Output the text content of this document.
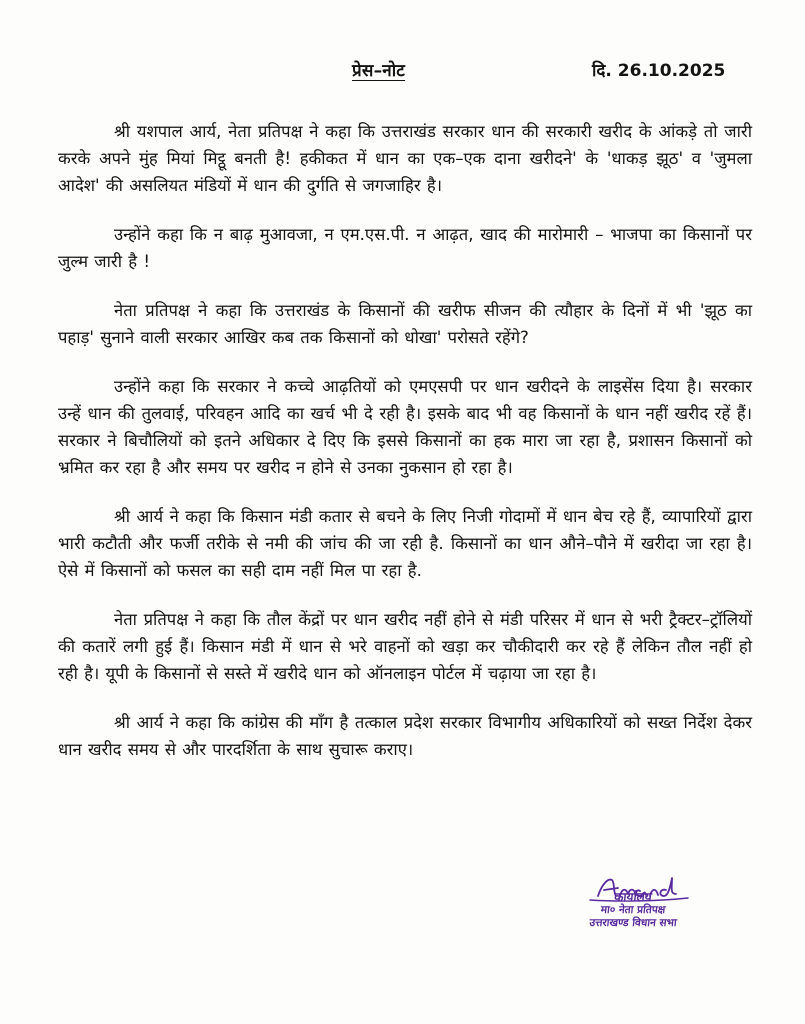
प्रेस–नोट	दि. 26.10.2025

श्री यशपाल आर्य, नेता प्रतिपक्ष ने कहा कि उत्तराखंड सरकार धान की सरकारी खरीद के आंकड़े तो जारी करके अपने मुंह मियां मिट्ठू बनती है! हकीकत में धान का एक–एक दाना खरीदने' के 'धाकड़ झूठ' व 'जुमला आदेश' की असलियत मंडियों में धान की दुर्गति से जगजाहिर है।

उन्होंने कहा कि न बाढ़ मुआवजा, न एम.एस.पी. न आढ़त, खाद की मारोमारी – भाजपा का किसानों पर जुल्म जारी है !

नेता प्रतिपक्ष ने कहा कि उत्तराखंड के किसानों की खरीफ सीजन की त्यौहार के दिनों में भी 'झूठ का पहाड़' सुनाने वाली सरकार आखिर कब तक किसानों को धोखा' परोसते रहेंगे?

उन्होंने कहा कि सरकार ने कच्चे आढ़तियों को एमएसपी पर धान खरीदने के लाइसेंस दिया है। सरकार उन्हें धान की तुलवाई, परिवहन आदि का खर्च भी दे रही है। इसके बाद भी वह किसानों के धान नहीं खरीद रहें हैं। सरकार ने बिचौलियों को इतने अधिकार दे दिए कि इससे किसानों का हक मारा जा रहा है, प्रशासन किसानों को भ्रमित कर रहा है और समय पर खरीद न होने से उनका नुकसान हो रहा है।

श्री आर्य ने कहा कि किसान मंडी कतार से बचने के लिए निजी गोदामों में धान बेच रहे हैं, व्यापारियों द्वारा भारी कटौती और फर्जी तरीके से नमी की जांच की जा रही है. किसानों का धान औने–पौने में खरीदा जा रहा है। ऐसे में किसानों को फसल का सही दाम नहीं मिल पा रहा है.

नेता प्रतिपक्ष ने कहा कि तौल केंद्रों पर धान खरीद नहीं होने से मंडी परिसर में धान से भरी ट्रैक्टर–ट्रॉलियों की कतारें लगी हुई हैं। किसान मंडी में धान से भरे वाहनों को खड़ा कर चौकीदारी कर रहे हैं लेकिन तौल नहीं हो रही है। यूपी के किसानों से सस्ते में खरीदे धान को ऑनलाइन पोर्टल में चढ़ाया जा रहा है।

श्री आर्य ने कहा कि कांग्रेस की माँग है तत्काल प्रदेश सरकार विभागीय अधिकारियों को सख्त निर्देश देकर धान खरीद समय से और पारदर्शिता के साथ सुचारू कराए।

कार्यालय
मा० नेता प्रतिपक्ष
उत्तराखण्ड विधान सभा
